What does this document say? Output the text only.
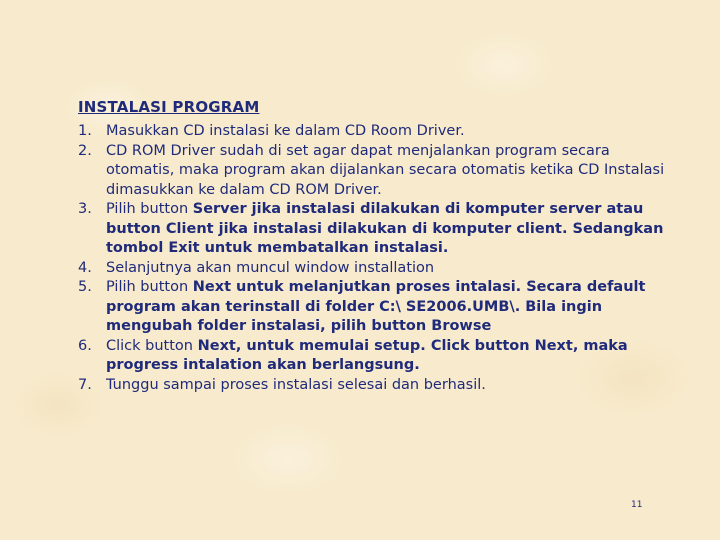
INSTALASI PROGRAM
1. Masukkan CD instalasi ke dalam CD Room Driver.
2. CD ROM Driver sudah di set agar dapat menjalankan program secara otomatis, maka program akan dijalankan secara otomatis ketika CD Instalasi dimasukkan ke dalam CD ROM Driver.
3. Pilih button Server jika instalasi dilakukan di komputer server atau button Client jika instalasi dilakukan di komputer client. Sedangkan tombol Exit untuk membatalkan instalasi.
4. Selanjutnya akan muncul window installation
5. Pilih button Next untuk melanjutkan proses intalasi. Secara default program akan terinstall di folder C:\ SE2006.UMB\. Bila ingin mengubah folder instalasi, pilih button Browse
6. Click button Next, untuk memulai setup. Click button Next, maka progress intalation akan berlangsung.
7. Tunggu sampai proses instalasi selesai dan berhasil.
11
